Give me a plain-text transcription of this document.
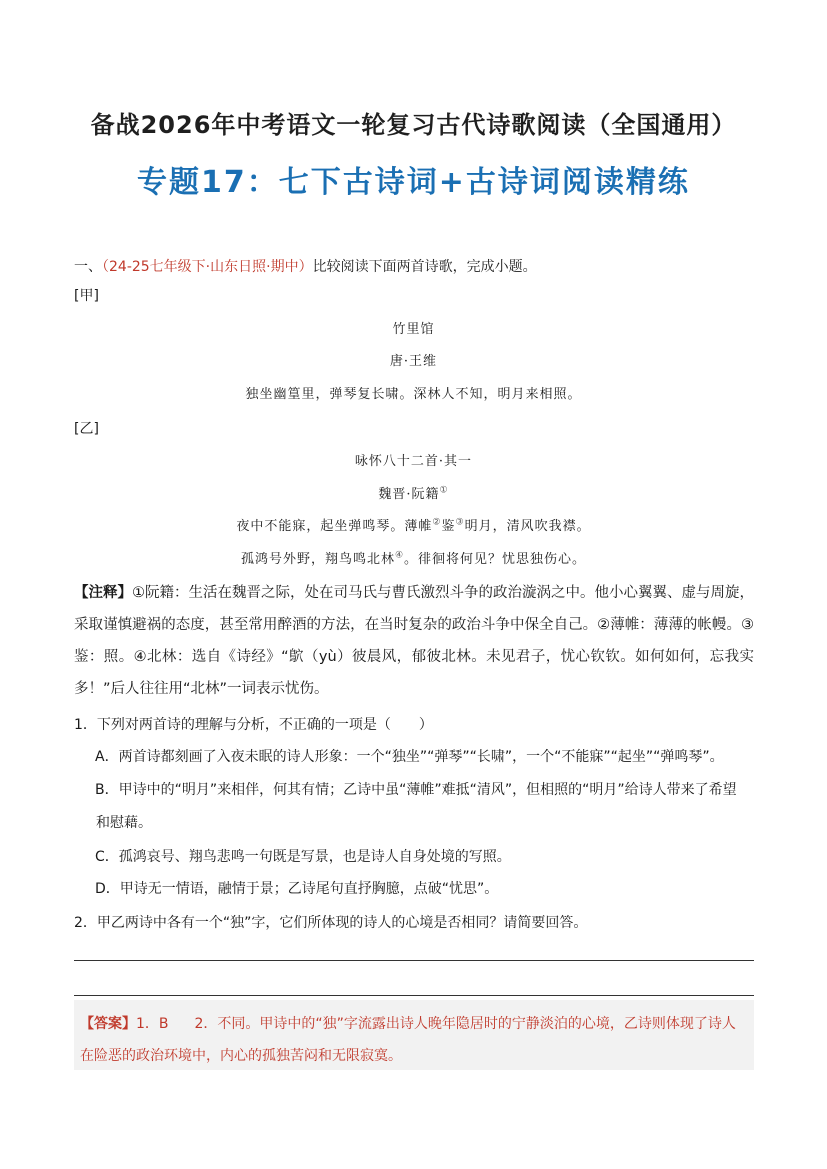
备战2026年中考语文一轮复习古代诗歌阅读（全国通用）
专题17：七下古诗词+古诗词阅读精练
一、（24-25七年级下·山东日照·期中）比较阅读下面两首诗歌，完成小题。
[甲]
竹里馆
唐·王维
独坐幽篁里，弹琴复长啸。深林人不知，明月来相照。
[乙]
咏怀八十二首·其一
魏晋·阮籍①
夜中不能寐，起坐弹鸣琴。薄帷②鉴③明月，清风吹我襟。
孤鸿号外野，翔鸟鸣北林④。徘徊将何见？忧思独伤心。
【注释】①阮籍：生活在魏晋之际，处在司马氏与曹氏激烈斗争的政治漩涡之中。他小心翼翼、虚与周旋，采取谨慎避祸的态度，甚至常用醉酒的方法，在当时复杂的政治斗争中保全自己。②薄帷：薄薄的帐幔。③鉴：照。④北林：选自《诗经》“鴥（yù）彼晨风，郁彼北林。未见君子，忧心钦钦。如何如何，忘我实多！”后人往往用“北林”一词表示忧伤。
1．下列对两首诗的理解与分析，不正确的一项是（　　）
A．两首诗都刻画了入夜未眠的诗人形象：一个“独坐”“弹琴”“长啸”，一个“不能寐”“起坐”“弹鸣琴”。
B．甲诗中的“明月”来相伴，何其有情；乙诗中虽“薄帷”难抵“清风”，但相照的“明月”给诗人带来了希望
和慰藉。
C．孤鸿哀号、翔鸟悲鸣一句既是写景，也是诗人自身处境的写照。
D．甲诗无一情语，融情于景；乙诗尾句直抒胸臆，点破“忧思”。
2．甲乙两诗中各有一个“独”字，它们所体现的诗人的心境是否相同？请简要回答。
【答案】1．B 2．不同。甲诗中的“独”字流露出诗人晚年隐居时的宁静淡泊的心境，乙诗则体现了诗人
在险恶的政治环境中，内心的孤独苦闷和无限寂寞。
